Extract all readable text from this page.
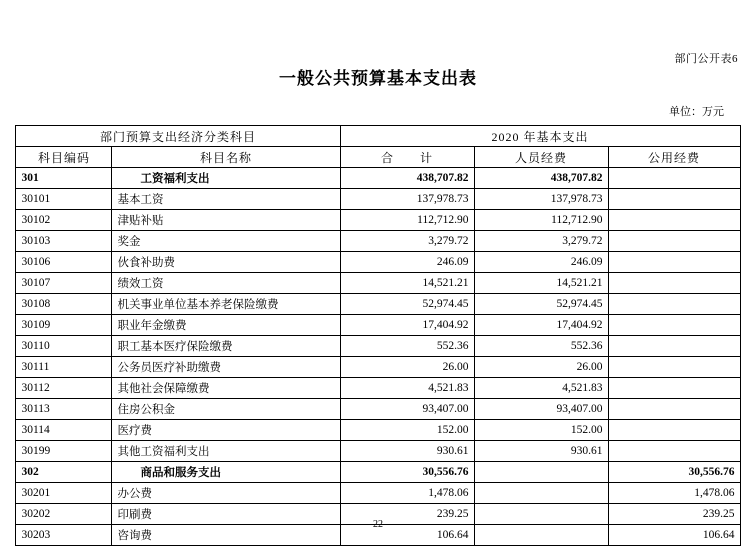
部门公开表6
一般公共预算基本支出表
单位：万元
部门预算支出经济分类科目		2020 年基本支出		
科目编码	科目名称	合　　计	人员经费	公用经费
301	工资福利支出	438,707.82	438,707.82	
30101	基本工资	137,978.73	137,978.73	
30102	津贴补贴	112,712.90	112,712.90	
30103	奖金	3,279.72	3,279.72	
30106	伙食补助费	246.09	246.09	
30107	绩效工资	14,521.21	14,521.21	
30108	机关事业单位基本养老保险缴费	52,974.45	52,974.45	
30109	职业年金缴费	17,404.92	17,404.92	
30110	职工基本医疗保险缴费	552.36	552.36	
30111	公务员医疗补助缴费	26.00	26.00	
30112	其他社会保障缴费	4,521.83	4,521.83	
30113	住房公积金	93,407.00	93,407.00	
30114	医疗费	152.00	152.00	
30199	其他工资福利支出	930.61	930.61	
302	商品和服务支出	30,556.76		30,556.76
30201	办公费	1,478.06		1,478.06
30202	印刷费	239.25		239.25
30203	咨询费	106.64		106.64
22
